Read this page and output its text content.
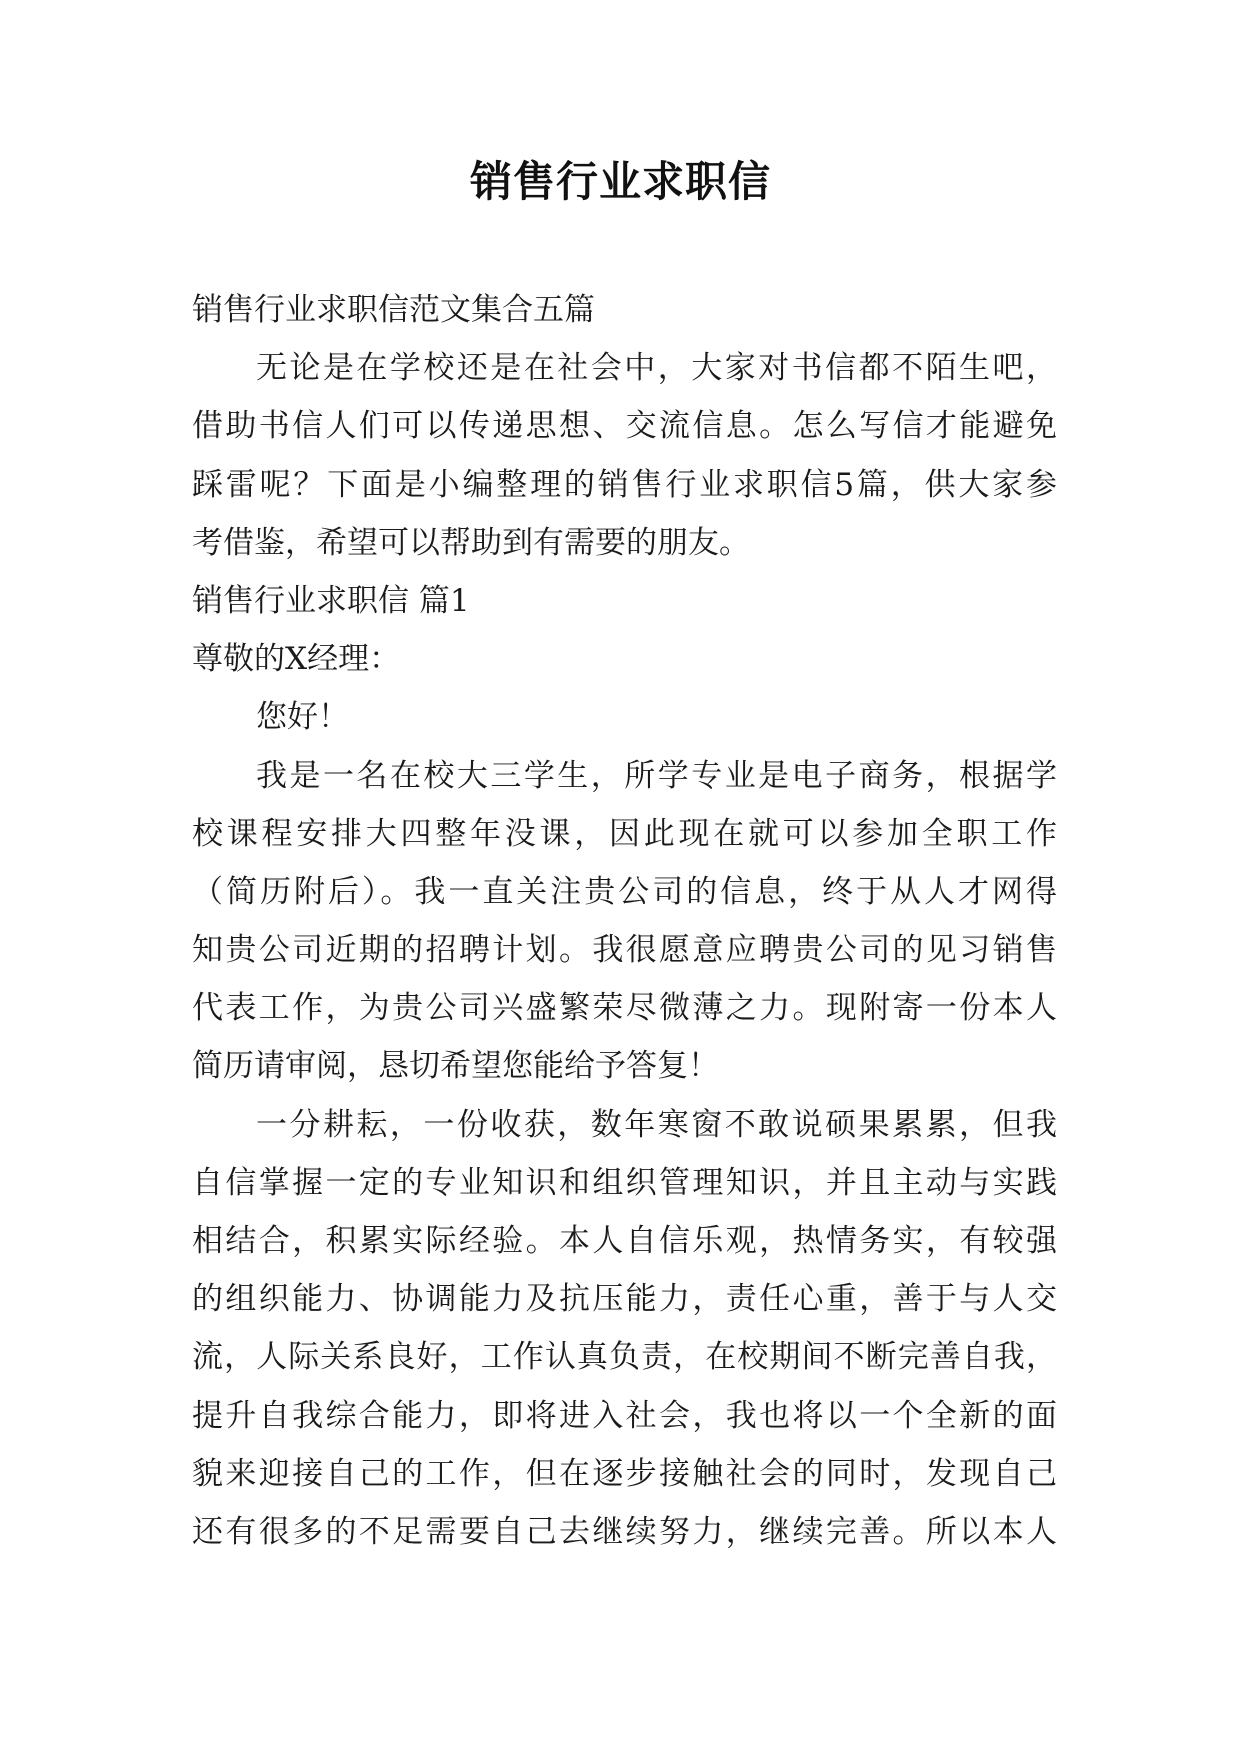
销售行业求职信
销售行业求职信范文集合五篇
无论是在学校还是在社会中，大家对书信都不陌生吧，
借助书信人们可以传递思想、交流信息。怎么写信才能避免
踩雷呢？下面是小编整理的销售行业求职信5篇，供大家参
考借鉴，希望可以帮助到有需要的朋友。
销售行业求职信 篇1
尊敬的X经理：
您好！
我是一名在校大三学生，所学专业是电子商务，根据学
校课程安排大四整年没课，因此现在就可以参加全职工作
（简历附后）。我一直关注贵公司的信息，终于从人才网得
知贵公司近期的招聘计划。我很愿意应聘贵公司的见习销售
代表工作，为贵公司兴盛繁荣尽微薄之力。现附寄一份本人
简历请审阅，恳切希望您能给予答复！
一分耕耘，一份收获，数年寒窗不敢说硕果累累，但我
自信掌握一定的专业知识和组织管理知识，并且主动与实践
相结合，积累实际经验。本人自信乐观，热情务实，有较强
的组织能力、协调能力及抗压能力，责任心重，善于与人交
流，人际关系良好，工作认真负责，在校期间不断完善自我，
提升自我综合能力，即将进入社会，我也将以一个全新的面
貌来迎接自己的工作，但在逐步接触社会的同时，发现自己
还有很多的不足需要自己去继续努力，继续完善。所以本人
